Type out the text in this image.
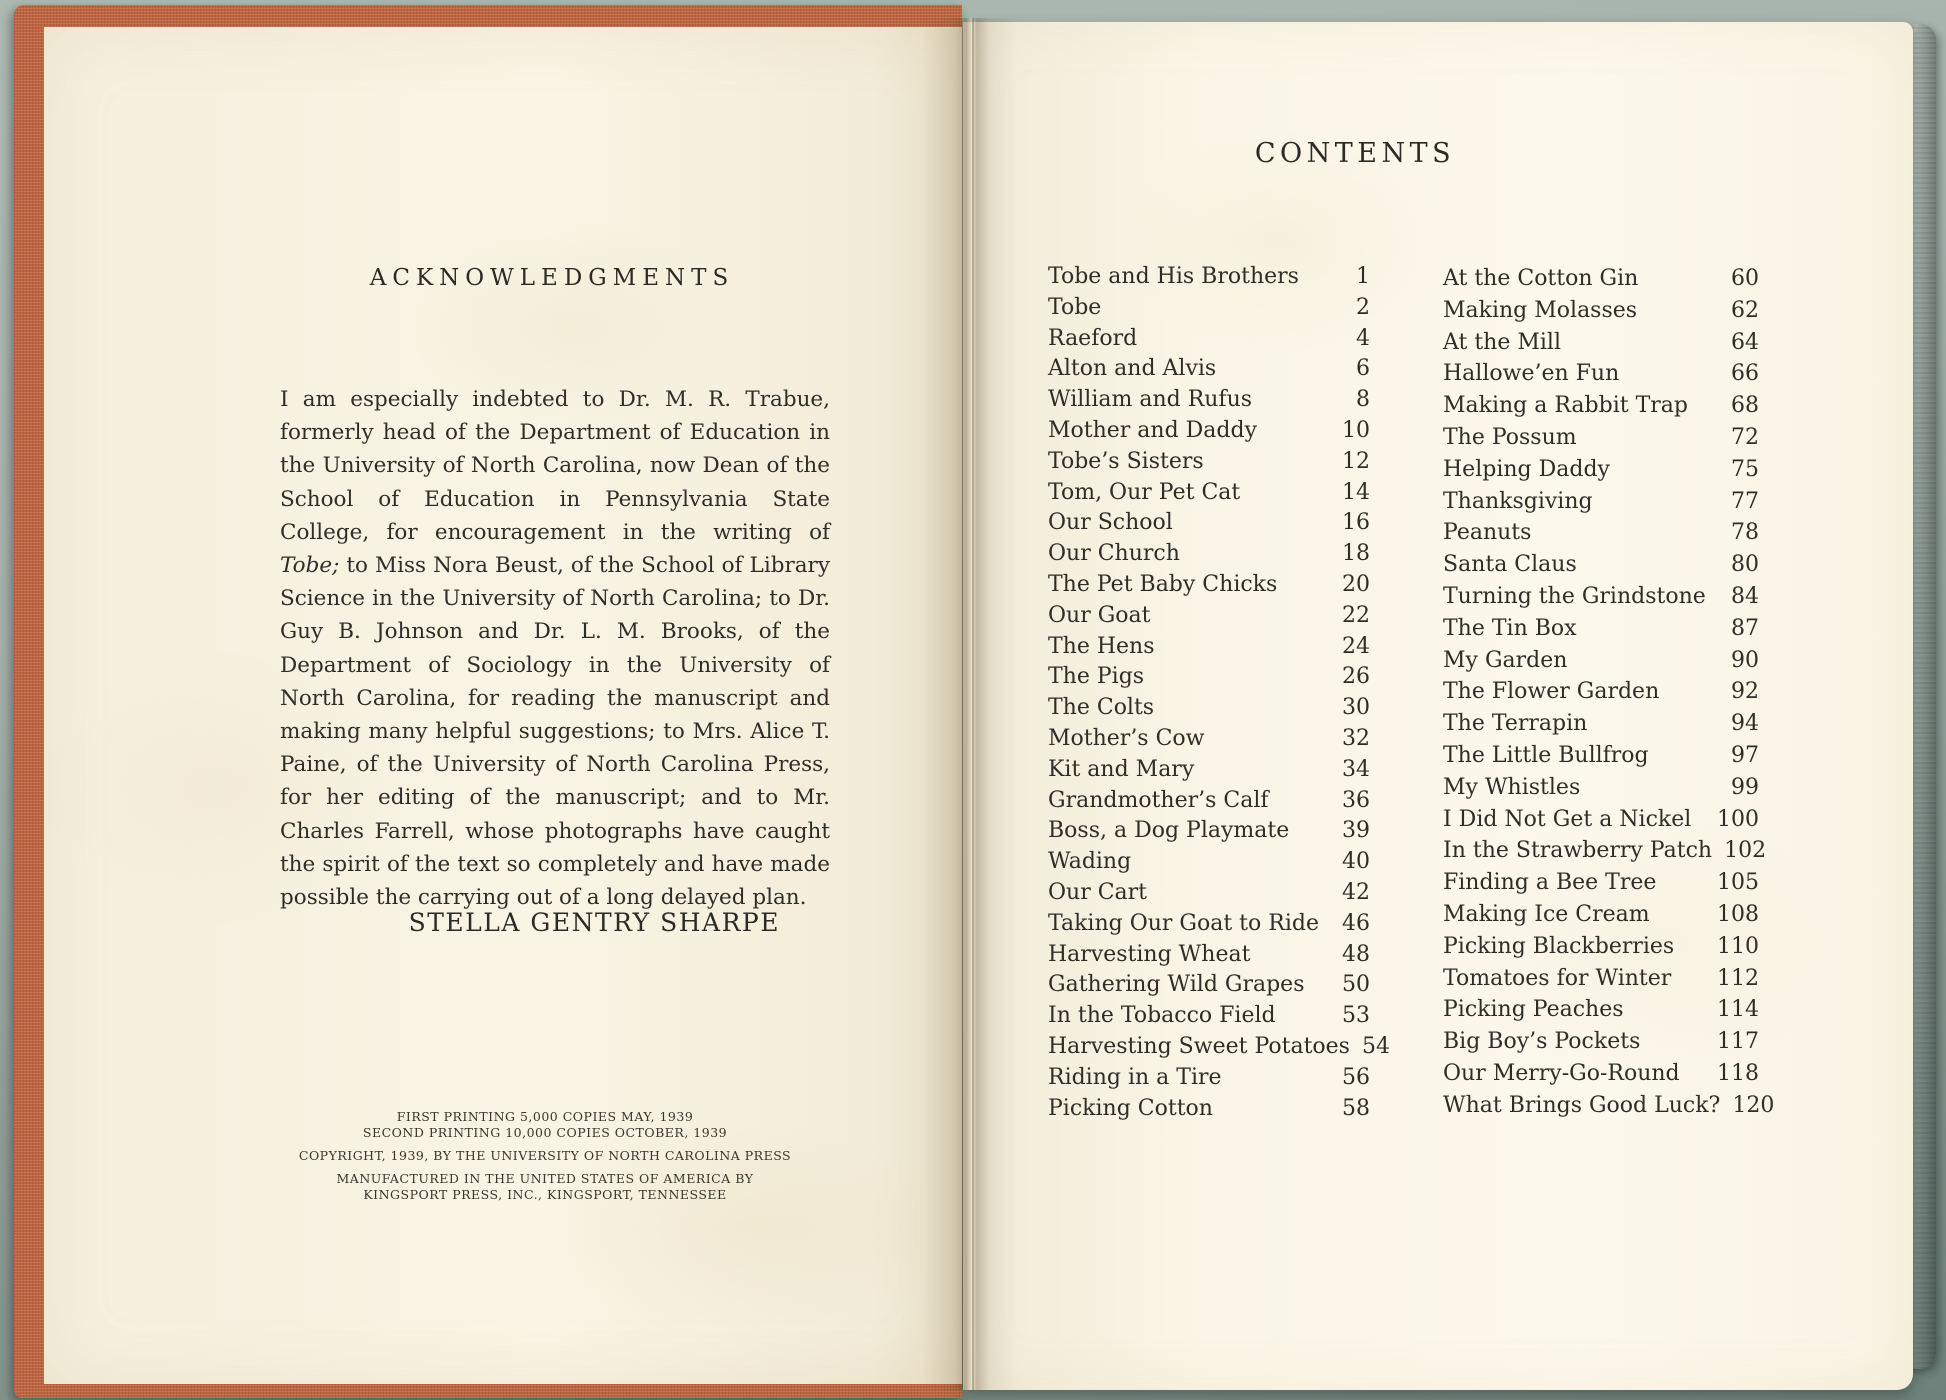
CONTENTS
Tobe and His Brothers	1
Tobe	2
Raeford	4
Alton and Alvis	6
William and Rufus	8
Mother and Daddy	10
Tobe’s Sisters	12
Tom, Our Pet Cat	14
Our School	16
Our Church	18
The Pet Baby Chicks	20
Our Goat	22
The Hens	24
The Pigs	26
The Colts	30
Mother’s Cow	32
Kit and Mary	34
Grandmother’s Calf	36
Boss, a Dog Playmate	39
Wading	40
Our Cart	42
Taking Our Goat to Ride	46
Harvesting Wheat	48
Gathering Wild Grapes	50
In the Tobacco Field	53
Harvesting Sweet Potatoes 54
Riding in a Tire	56
Picking Cotton	58
At the Cotton Gin	60
Making Molasses	62
At the Mill	64
Hallowe’en Fun	66
Making a Rabbit Trap	68
The Possum	72
Helping Daddy	75
Thanksgiving	77
Peanuts	78
Santa Claus	80
Turning the Grindstone	84
The Tin Box	87
My Garden	90
The Flower Garden	92
The Terrapin	94
The Little Bullfrog	97
My Whistles	99
I Did Not Get a Nickel	100
In the Strawberry Patch 102
Finding a Bee Tree	105
Making Ice Cream	108
Picking Blackberries	110
Tomatoes for Winter	112
Picking Peaches	114
Big Boy’s Pockets	117
Our Merry-Go-Round	118
What Brings Good Luck? 120
ACKNOWLEDGMENTS

I am especially indebted to Dr. M. R. Trabue, formerly head of the Department of Education in the University of North Carolina, now Dean of the School of Education in Pennsylvania State College, for encouragement in the writing of Tobe; to Miss Nora Beust, of the School of Library Science in the University of North Carolina; to Dr. Guy B. Johnson and Dr. L. M. Brooks, of the Department of Sociology in the University of North Carolina, for reading the manuscript and making many helpful suggestions; to Mrs. Alice T. Paine, of the University of North Carolina Press, for her editing of the manuscript; and to Mr. Charles Farrell, whose photographs have caught the spirit of the text so completely and have made possible the carrying out of a long delayed plan.

STELLA GENTRY SHARPE
FIRST PRINTING 5,000 COPIES MAY, 1939
SECOND PRINTING 10,000 COPIES OCTOBER, 1939
COPYRIGHT, 1939, BY THE UNIVERSITY OF NORTH CAROLINA PRESS
MANUFACTURED IN THE UNITED STATES OF AMERICA BY
KINGSPORT PRESS, INC., KINGSPORT, TENNESSEE
